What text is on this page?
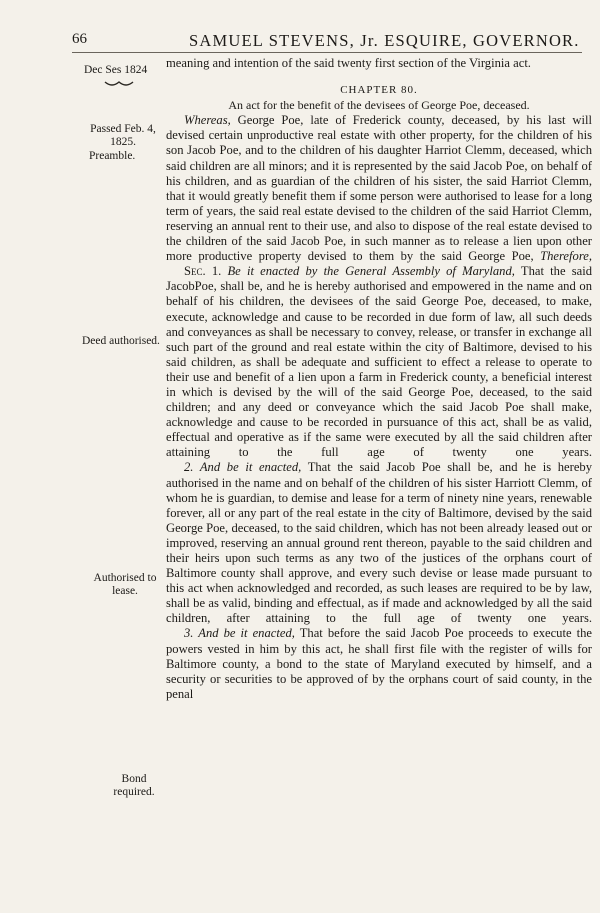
66	SAMUEL STEVENS, Jr. ESQUIRE, GOVERNOR.
Dec Ses 1824
Passed Feb. 4, 1825.
Preamble.
Deed authorised.
Authorised to lease.
Bond required.

meaning and intention of the said twenty first section of the Virginia act.

CHAPTER 80.

An act for the benefit of the devisees of George Poe, deceased.

Whereas, George Poe, late of Frederick county, deceased, by his last will devised certain unproductive real estate with other property, for the children of his son Jacob Poe, and to the children of his daughter Harriot Clemm, deceased, which said children are all minors; and it is represented by the said Jacob Poe, on behalf of his children, and as guardian of the children of his sister, the said Harriot Clemm, that it would greatly benefit them if some person were authorised to lease for a long term of years, the said real estate devised to the children of the said Harriot Clemm, reserving an annual rent to their use, and also to dispose of the real estate devised to the children of the said Jacob Poe, in such manner as to release a lien upon other more productive property devised to them by the said George Poe, Therefore,

Sec. 1. Be it enacted by the General Assembly of Maryland, That the said JacobPoe, shall be, and he is hereby authorised and empowered in the name and on behalf of his children, the devisees of the said George Poe, deceased, to make, execute, acknowledge and cause to be recorded in due form of law, all such deeds and conveyances as shall be necessary to convey, release, or transfer in exchange all such part of the ground and real estate within the city of Baltimore, devised to his said children, as shall be adequate and sufficient to effect a release to operate to their use and benefit of a lien upon a farm in Frederick county, a beneficial interest in which is devised by the will of the said George Poe, deceased, to the said children; and any deed or conveyance which the said Jacob Poe shall make, acknowledge and cause to be recorded in pursuance of this act, shall be as valid, effectual and operative as if the same were executed by all the said children after attaining to the full age of twenty one years.

2. And be it enacted, That the said Jacob Poe shall be, and he is hereby authorised in the name and on behalf of the children of his sister Harriott Clemm, of whom he is guardian, to demise and lease for a term of ninety nine years, renewable forever, all or any part of the real estate in the city of Baltimore, devised by the said George Poe, deceased, to the said children, which has not been already leased out or improved, reserving an annual ground rent thereon, payable to the said children and their heirs upon such terms as any two of the justices of the orphans court of Baltimore county shall approve, and every such devise or lease made pursuant to this act when acknowledged and recorded, as such leases are required to be by law, shall be as valid, binding and effectual, as if made and acknowledged by all the said children, after attaining to the full age of twenty one years.

3. And be it enacted, That before the said Jacob Poe proceeds to execute the powers vested in him by this act, he shall first file with the register of wills for Baltimore county, a bond to the state of Maryland executed by himself, and a security or securities to be approved of by the orphans court of said county, in the penal
